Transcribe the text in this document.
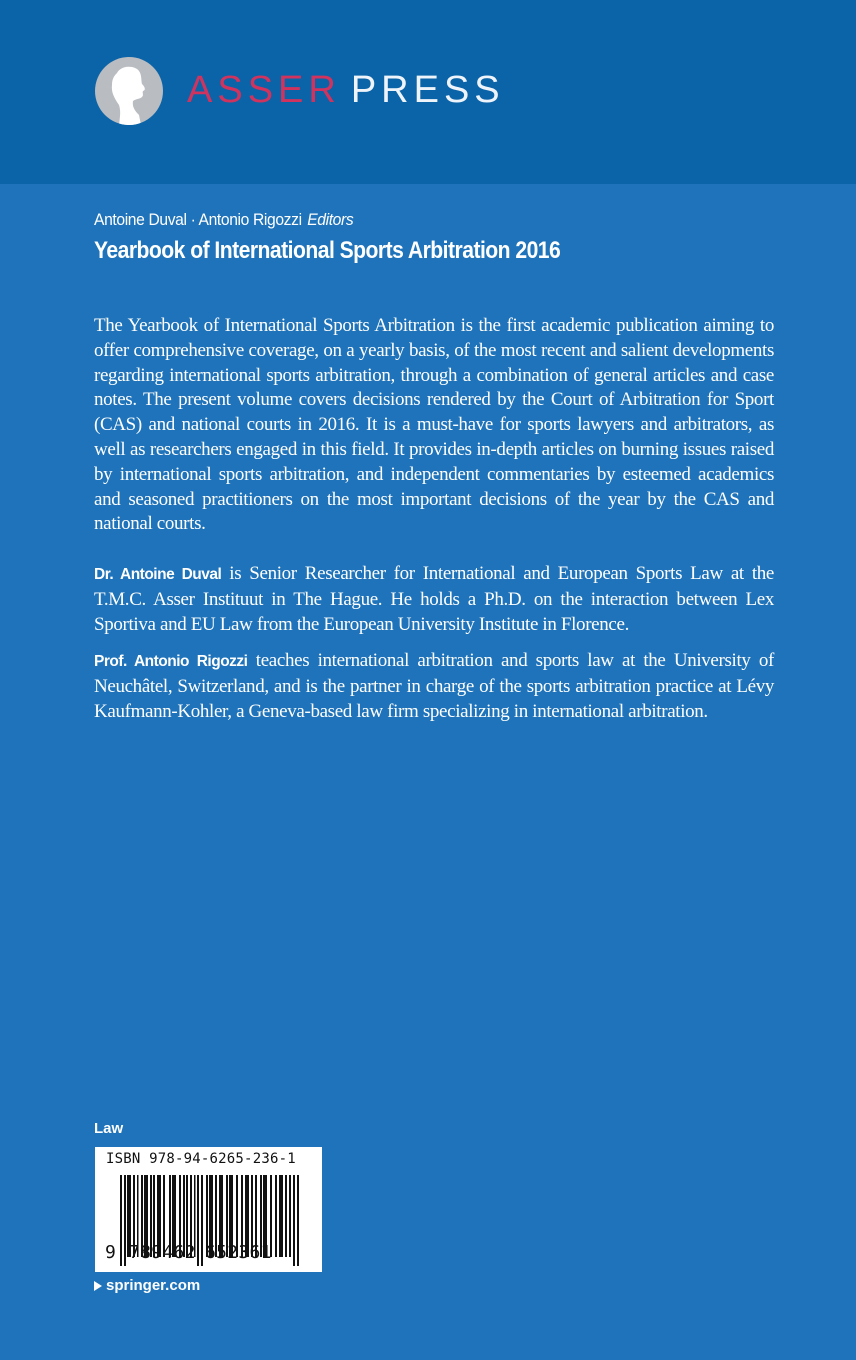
ASSER PRESS
Antoine Duval · Antonio Rigozzi Editors
Yearbook of International Sports Arbitration 2016

The Yearbook of International Sports Arbitration is the first academic publication aiming to offer comprehensive coverage, on a yearly basis, of the most recent and salient developments regarding international sports arbitration, through a combination of general articles and case notes. The present volume covers decisions rendered by the Court of Arbitration for Sport (CAS) and national courts in 2016. It is a must-have for sports lawyers and arbitrators, as well as researchers engaged in this field. It provides in-depth articles on burning issues raised by international sports arbitration, and independent commentaries by esteemed academics and seasoned practitioners on the most important decisions of the year by the CAS and national courts.

Dr. Antoine Duval is Senior Researcher for International and European Sports Law at the T.M.C. Asser Instituut in The Hague. He holds a Ph.D. on the interaction between Lex Sportiva and EU Law from the European University Institute in Florence.

Prof. Antonio Rigozzi teaches international arbitration and sports law at the University of Neuchâtel, Switzerland, and is the partner in charge of the sports arbitration practice at Lévy Kaufmann-Kohler, a Geneva-based law firm specializing in international arbitration.

Law
ISBN 978-94-6265-236-1
9 789462 652361
springer.com
